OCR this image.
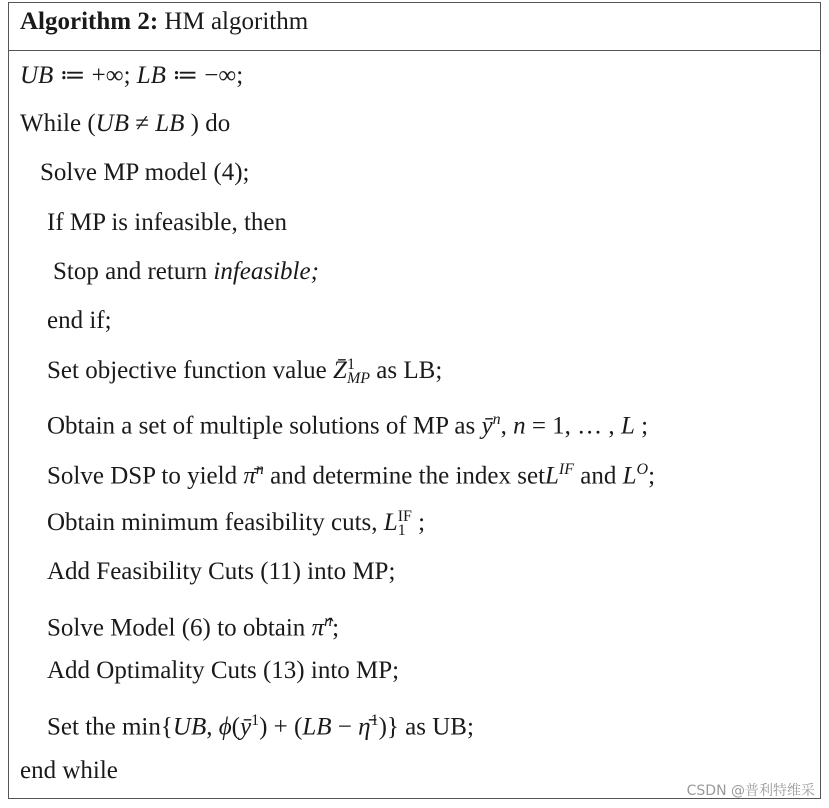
Algorithm 2: HM algorithm
UB ≔ +∞; LB ≔ −∞;
While (UB ≠ LB ) do
Solve MP model (4);
If MP is infeasible, then
Stop and return infeasible;
end if;
Set objective function value Z̄ 1
MP as LB;
Obtain a set of multiple solutions of MP as $ȳ^n$, n = 1, … , L ;
Solve DSP to yield π̄$^n$ and determine the index setL$^{IF}$ and $L^O$;
Obtain minimum feasibility cuts, L IF
1 ;
Add Feasibility Cuts (11) into MP;
Solve Model (6) to obtain π̂$^n$;
Add Optimality Cuts (13) into MP;
Set the min{UB, $\phi(ȳ^1) + (LB$ − η̄$^1$)} as UB;
end while
CSDN @普利特维采
